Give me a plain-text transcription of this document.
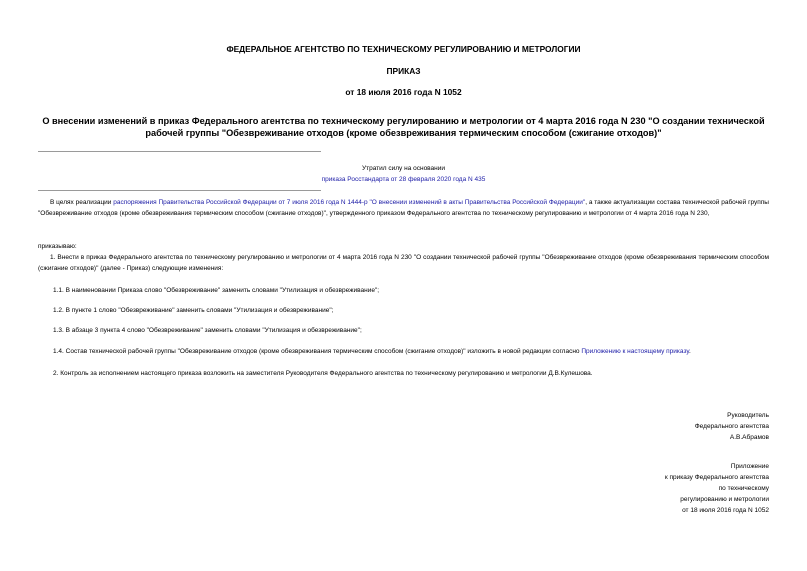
ФЕДЕРАЛЬНОЕ АГЕНТСТВО ПО ТЕХНИЧЕСКОМУ РЕГУЛИРОВАНИЮ И МЕТРОЛОГИИ
ПРИКАЗ
от 18 июля 2016 года N 1052
О внесении изменений в приказ Федерального агентства по техническому регулированию и метрологии от 4 марта 2016 года N 230 "О создании технической
рабочей группы "Обезвреживание отходов (кроме обезвреживания термическим способом (сжигание отходов)"
Утратил силу на основании
приказа Росстандарта от 28 февраля 2020 года N 435
В целях реализации распоряжения Правительства Российской Федерации от 7 июля 2016 года N 1444-р "О внесении изменений в акты Правительства Российской Федерации", а также актуализации состава технической рабочей группы "Обезвреживание отходов (кроме обезвреживания термическим способом (сжигание отходов)", утвержденного приказом Федерального агентства по техническому регулированию и метрологии от 4 марта 2016 года N 230,
приказываю:
1. Внести в приказ Федерального агентства по техническому регулированию и метрологии от 4 марта 2016 года N 230 "О создании технической рабочей группы "Обезвреживание отходов (кроме обезвреживания термическим способом (сжигание отходов)" (далее - Приказ) следующие изменения:
1.1. В наименовании Приказа слово "Обезвреживание" заменить словами "Утилизация и обезвреживание";
1.2. В пункте 1 слово "Обезвреживание" заменить словами "Утилизация и обезвреживание";
1.3. В абзаце 3 пункта 4 слово "Обезвреживание" заменить словами "Утилизация и обезвреживание";
1.4. Состав технической рабочей группы "Обезвреживание отходов (кроме обезвреживания термическим способом (сжигание отходов)" изложить в новой редакции согласно Приложению к настоящему приказу.
2. Контроль за исполнением настоящего приказа возложить на заместителя Руководителя Федерального агентства по техническому регулированию и метрологии Д.В.Кулешова.
Руководитель
Федерального агентства
А.В.Абрамов
Приложение
к приказу Федерального агентства
по техническому
регулированию и метрологии
от 18 июля 2016 года N 1052
